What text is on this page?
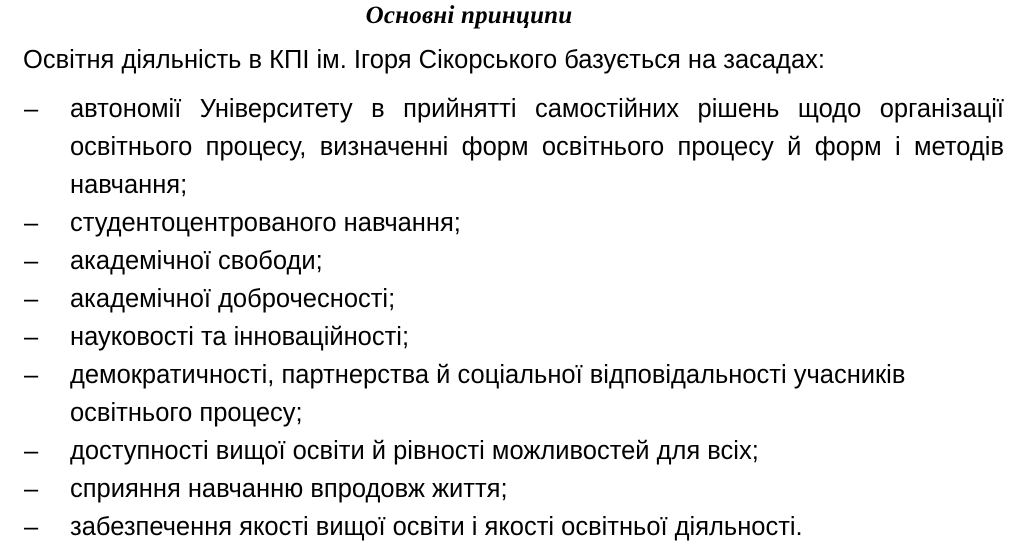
Основні принципи
Освітня діяльність в КПІ ім. Ігоря Сікорського базується на засадах:
– автономії Університету в прийнятті самостійних рішень щодо організації освітнього процесу, визначенні форм освітнього процесу й форм і методів навчання;
– студентоцентрованого навчання;
– академічної свободи;
– академічної доброчесності;
– науковості та інноваційності;
– демократичності, партнерства й соціальної відповідальності учасників освітнього процесу;
– доступності вищої освіти й рівності можливостей для всіх;
– сприяння навчанню впродовж життя;
– забезпечення якості вищої освіти і якості освітньої діяльності.
